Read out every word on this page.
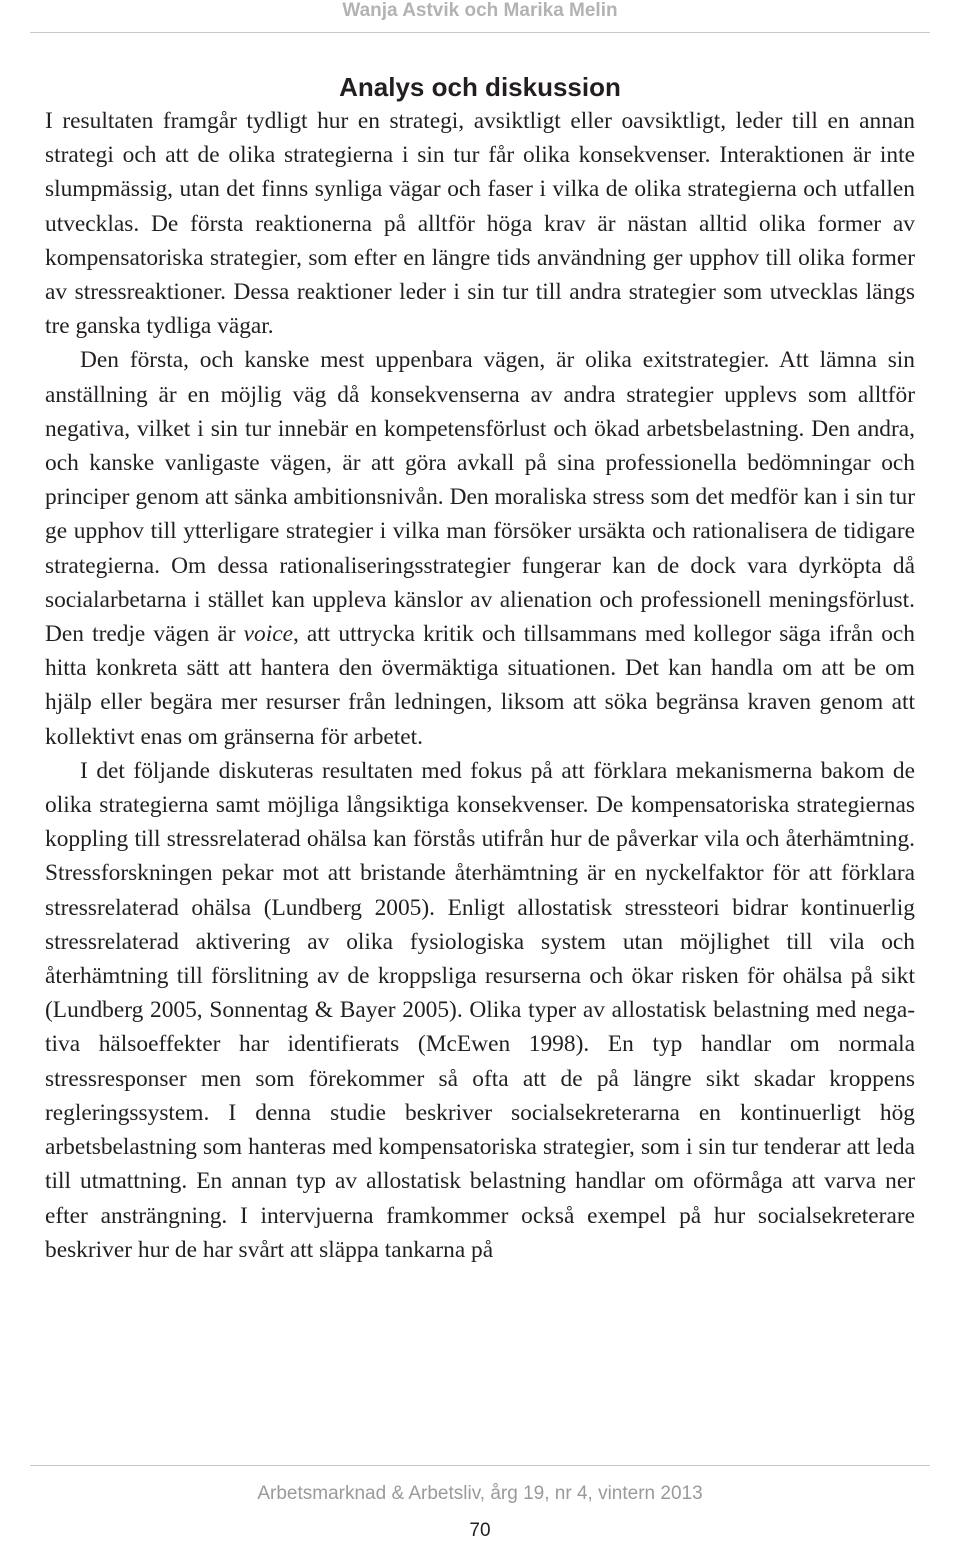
Wanja Astvik och Marika Melin
Analys och diskussion

I resultaten framgår tydligt hur en strategi, avsiktligt eller oavsiktligt, leder till en annan strategi och att de olika strategierna i sin tur får olika konsekvenser. Interaktionen är inte slumpmässig, utan det finns synliga vägar och faser i vilka de olika strategierna och utfallen utvecklas. De första reaktionerna på alltför höga krav är nästan alltid olika former av kompensatoriska strategier, som efter en längre tids användning ger upphov till olika former av stressreaktioner. Dessa reaktioner leder i sin tur till andra strategier som utvecklas längs tre ganska tydliga vägar.

Den första, och kanske mest uppenbara vägen, är olika exitstrategier. Att lämna sin anställning är en möjlig väg då konsekvenserna av andra strategier upplevs som alltför negativa, vilket i sin tur innebär en kompetensförlust och ökad arbetsbelastning. Den andra, och kanske vanligaste vägen, är att göra avkall på sina professionella bedömningar och principer genom att sänka ambitionsnivån. Den moraliska stress som det medför kan i sin tur ge upphov till ytterligare strategier i vilka man försöker ursäkta och rationalisera de tidigare strategierna. Om dessa rationaliseringsstrategier fungerar kan de dock vara dyrköpta då socialarbetarna i stället kan uppleva känslor av alienation och professionell meningsförlust. Den tredje vägen är voice, att uttrycka kritik och tillsammans med kollegor säga ifrån och hitta konkreta sätt att hantera den övermäktiga situationen. Det kan handla om att be om hjälp eller begära mer resurser från ledningen, liksom att söka begränsa kraven genom att kollektivt enas om gränserna för arbetet.

I det följande diskuteras resultaten med fokus på att förklara mekanismerna bakom de olika strategierna samt möjliga långsiktiga konsekvenser. De kompensatoriska strategiernas koppling till stressrelaterad ohälsa kan förstås utifrån hur de påverkar vila och återhämtning. Stressforskningen pekar mot att bristande återhämtning är en nyckelfaktor för att förklara stressrelaterad ohälsa (Lundberg 2005). Enligt allostatisk stressteori bidrar kontinuerlig stressrelaterad aktivering av olika fysiologiska system utan möjlighet till vila och återhämtning till förslitning av de kroppsliga resurserna och ökar risken för ohälsa på sikt (Lundberg 2005, Sonnentag & Bayer 2005). Olika typer av allostatisk belastning med negativa hälsoeffekter har identifierats (McEwen 1998). En typ handlar om normala stressresponser men som förekommer så ofta att de på längre sikt skadar kroppens regleringssystem. I denna studie beskriver socialsekreterarna en kontinuerligt hög arbetsbelastning som hanteras med kompensatoriska strategier, som i sin tur tenderar att leda till utmattning. En annan typ av allostatisk belastning handlar om oförmåga att varva ner efter ansträngning. I intervjuerna framkommer också exempel på hur socialsekreterare beskriver hur de har svårt att släppa tankarna på

Arbetsmarknad & Arbetsliv, årg 19, nr 4, vintern 2013
70
